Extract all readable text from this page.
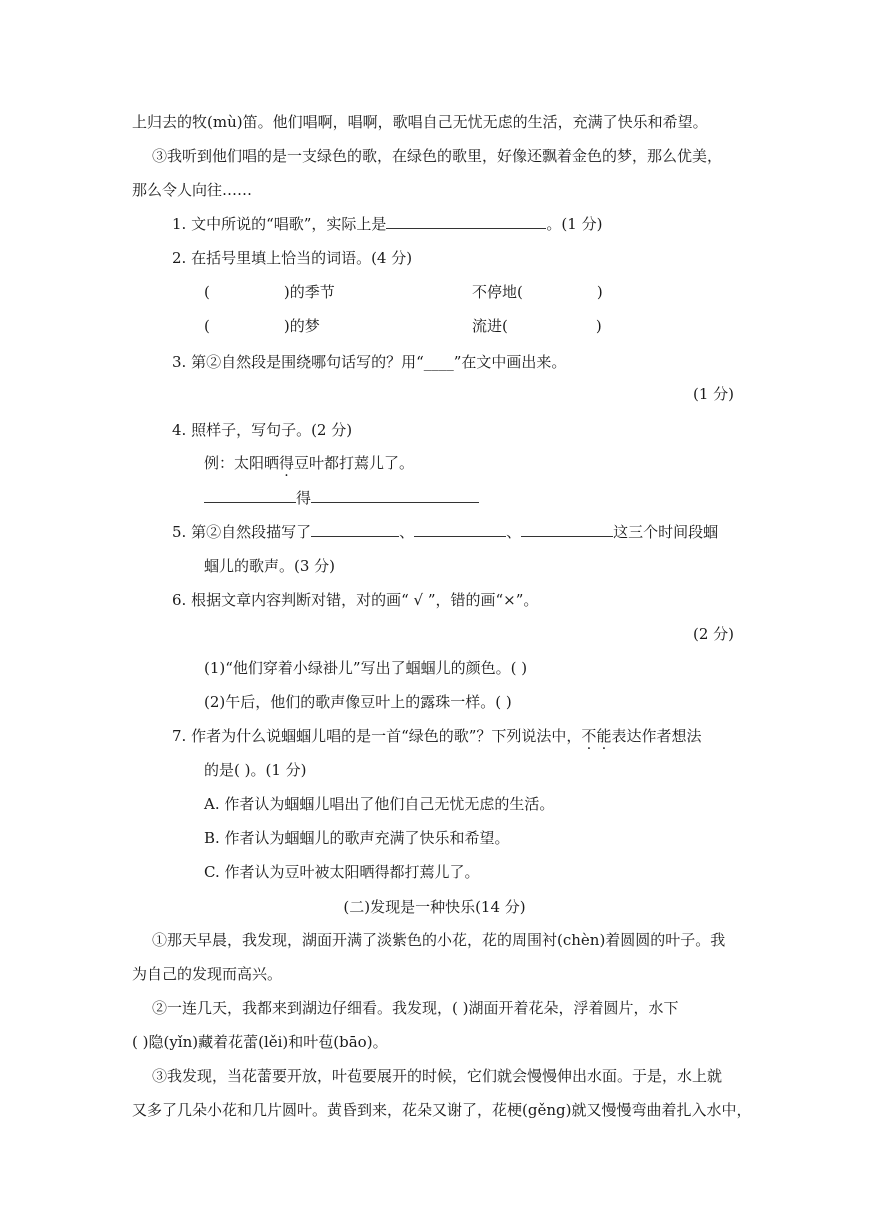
上归去的牧(mù)笛。他们唱啊，唱啊，歌唱自己无忧无虑的生活，充满了快乐和希望。
③我听到他们唱的是一支绿色的歌，在绿色的歌里，好像还飘着金色的梦，那么优美，
那么令人向往……
1. 文中所说的“唱歌”，实际上是	。(1 分)
2. 在括号里填上恰当的词语。(4 分)
(	)的季节	不停地(	)
(	)的梦	流进(	)
3. 第②自然段是围绕哪句话写的？用“____”在文中画出来。
(1 分)
4. 照样子，写句子。(2 分)
例：太阳晒得豆叶都打蔫儿了。
得
5. 第②自然段描写了	、	、	这三个时间段蝈
蝈儿的歌声。(3 分)
6. 根据文章内容判断对错，对的画“ √ ”，错的画“×”。
(2 分)
(1)“他们穿着小绿褂儿”写出了蝈蝈儿的颜色。( )
(2)午后，他们的歌声像豆叶上的露珠一样。( )
7. 作者为什么说蝈蝈儿唱的是一首“绿色的歌”？下列说法中，不能表达作者想法
的是( )。(1 分)
A. 作者认为蝈蝈儿唱出了他们自己无忧无虑的生活。
B. 作者认为蝈蝈儿的歌声充满了快乐和希望。
C. 作者认为豆叶被太阳晒得都打蔫儿了。
(二)发现是一种快乐(14 分)
①那天早晨，我发现，湖面开满了淡紫色的小花，花的周围衬(chèn)着圆圆的叶子。我
为自己的发现而高兴。
②一连几天，我都来到湖边仔细看。我发现，( )湖面开着花朵，浮着圆片，水下
( )隐(yǐn)藏着花蕾(lěi)和叶苞(bāo)。
③我发现，当花蕾要开放，叶苞要展开的时候，它们就会慢慢伸出水面。于是，水上就
又多了几朵小花和几片圆叶。黄昏到来，花朵又谢了，花梗(gěng)就又慢慢弯曲着扎入水中，
